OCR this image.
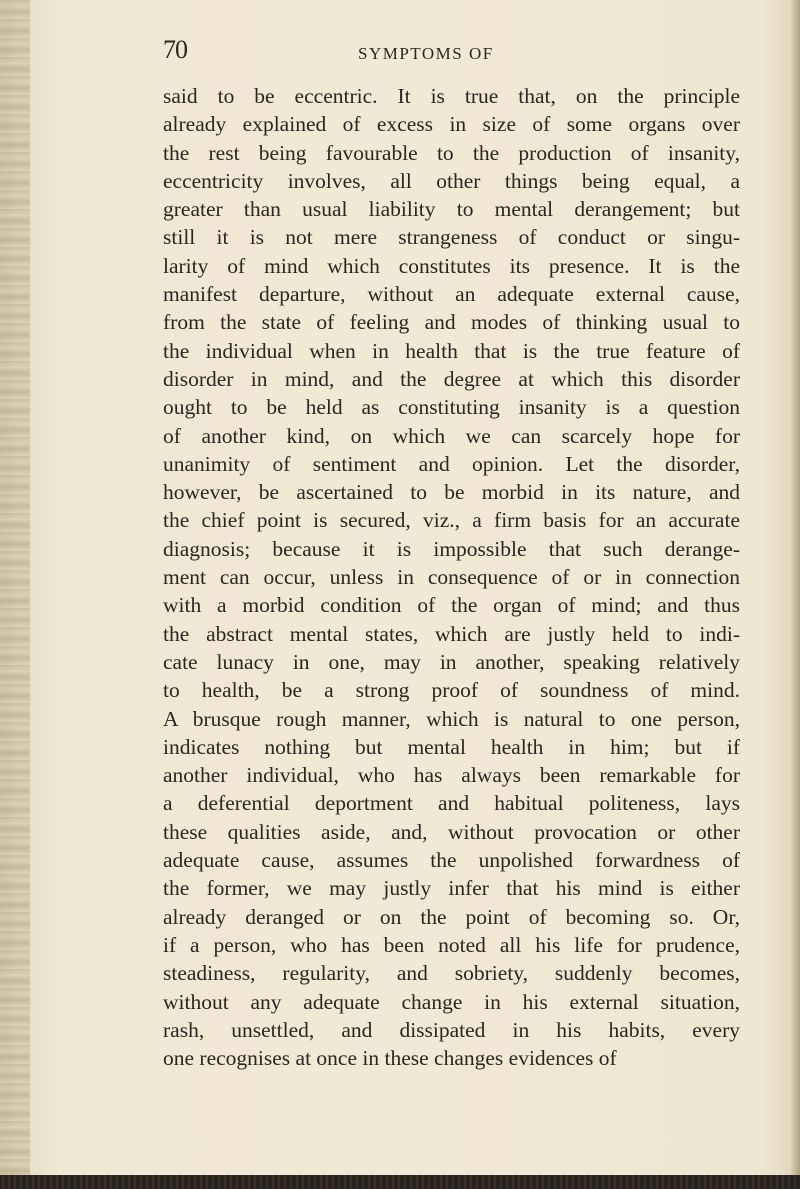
70	SYMPTOMS OF
said to be eccentric. It is true that, on the principle
already explained of excess in size of some organs over
the rest being favourable to the production of insanity,
eccentricity involves, all other things being equal, a
greater than usual liability to mental derangement; but
still it is not mere strangeness of conduct or singu-
larity of mind which constitutes its presence. It is the
manifest departure, without an adequate external cause,
from the state of feeling and modes of thinking usual to
the individual when in health that is the true feature of
disorder in mind, and the degree at which this disorder
ought to be held as constituting insanity is a question
of another kind, on which we can scarcely hope for
unanimity of sentiment and opinion. Let the disorder,
however, be ascertained to be morbid in its nature, and
the chief point is secured, viz., a firm basis for an accurate
diagnosis; because it is impossible that such derange-
ment can occur, unless in consequence of or in connection
with a morbid condition of the organ of mind; and thus
the abstract mental states, which are justly held to indi-
cate lunacy in one, may in another, speaking relatively
to health, be a strong proof of soundness of mind.
A brusque rough manner, which is natural to one person,
indicates nothing but mental health in him; but if
another individual, who has always been remarkable for
a deferential deportment and habitual politeness, lays
these qualities aside, and, without provocation or other
adequate cause, assumes the unpolished forwardness of
the former, we may justly infer that his mind is either
already deranged or on the point of becoming so. Or,
if a person, who has been noted all his life for prudence,
steadiness, regularity, and sobriety, suddenly becomes,
without any adequate change in his external situation,
rash, unsettled, and dissipated in his habits, every
one recognises at once in these changes evidences of
